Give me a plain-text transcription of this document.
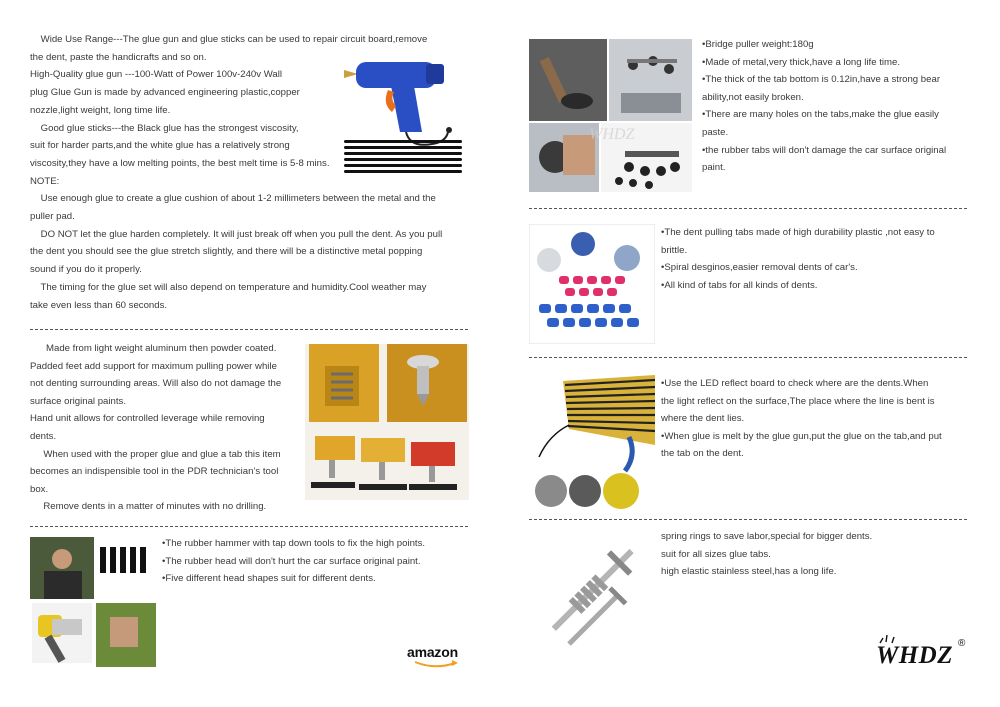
Wide Use Range---The glue gun and glue sticks can be used to repair circuit board,remove
the dent, paste the handicrafts and so on.
High-Quality glue gun ---100-Watt of Power 100v-240v Wall
plug Glue Gun is made by advanced engineering plastic,copper
nozzle,light weight, long time life.
Good glue sticks---the Black glue has the strongest viscosity,
suit for harder parts,and the white glue has a relatively strong
viscosity,they have a low melting points, the best melt time is 5-8 mins.
NOTE:
Use enough glue to create a glue cushion of about 1-2 millimeters between the metal and the
puller pad.
DO NOT let the glue harden completely. It will just break off when you pull the dent. As you pull
the dent you should see the glue stretch slightly, and there will be a distinctive metal popping
sound if you do it properly.
The timing for the glue set will also depend on temperature and humidity.Cool weather may
take even less than 60 seconds.
Made from light weight aluminum then powder coated.
Padded feet add support for maximum pulling power while
not denting surrounding areas. Will also do not damage the
surface original paints.
Hand unit allows for controlled leverage while removing
dents.
When used with the proper glue and glue a tab this item
becomes an indispensible tool in the PDR technician’s tool
box.
Remove dents in a matter of minutes with no drilling.
•The rubber hammer with tap down tools to fix the high points.
•The rubber head will don't hurt the car surface original paint.
•Five different head shapes suit for different dents.
amazon
WHDZ
•Bridge puller weight:180g
•Made of metal,very thick,have a long life time.
•The thick of the tab bottom is 0.12in,have a strong bear
ability,not easily broken.
•There are many holes on the tabs,make the glue easily
paste.
•the rubber tabs will don't damage the car surface original
paint.
•The dent pulling tabs made of high durability plastic ,not easy to
brittle.
•Spiral desginos,easier removal dents of car's.
•All kind of tabs for all kinds of dents.
•Use the LED reflect board to check where are the dents.When
the light reflect on the surface,The place where the line is bent is
where the dent lies.
•When glue is melt by the glue gun,put the glue on the tab,and put
the tab on the dent.
spring rings to save labor,special for bigger dents.
suit for all sizes glue tabs.
high elastic stainless steel,has a long life.
WHDZ ®
